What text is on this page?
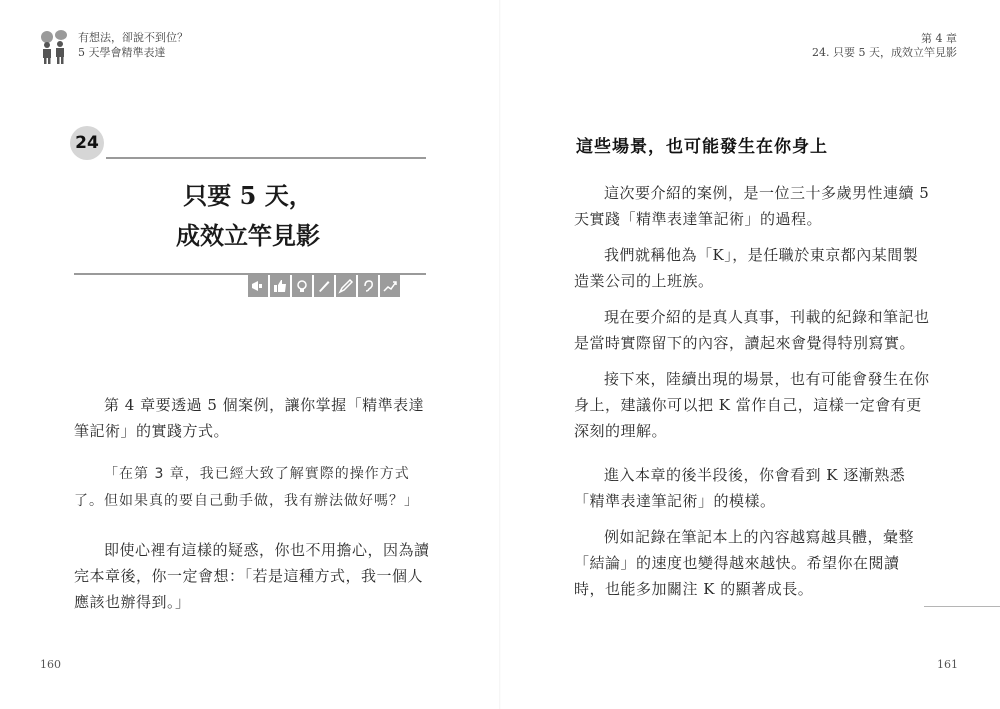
有想法，卻說不到位？
5 天學會精準表達
24
只要 5 天，
成效立竿見影

第 4 章要透過 5 個案例，讓你掌握「精準表達筆記術」的實踐方式。

「在第 3 章，我已經大致了解實際的操作方式了。但如果真的要自己動手做，我有辦法做好嗎？」

即使心裡有這樣的疑惑，你也不用擔心，因為讀完本章後，你一定會想：「若是這種方式，我一個人應該也辦得到。」

160
第 4 章
24. 只要 5 天，成效立竿見影
這些場景，也可能發生在你身上

這次要介紹的案例，是一位三十多歲男性連續 5 天實踐「精準表達筆記術」的過程。

我們就稱他為「K」，是任職於東京都內某間製造業公司的上班族。

現在要介紹的是真人真事，刊載的紀錄和筆記也是當時實際留下的內容，讀起來會覺得特別寫實。

接下來，陸續出現的場景，也有可能會發生在你身上，建議你可以把 K 當作自己，這樣一定會有更深刻的理解。

進入本章的後半段後，你會看到 K 逐漸熟悉「精準表達筆記術」的模樣。

例如記錄在筆記本上的內容越寫越具體，彙整「結論」的速度也變得越來越快。希望你在閱讀時，也能多加關注 K 的顯著成長。

161
